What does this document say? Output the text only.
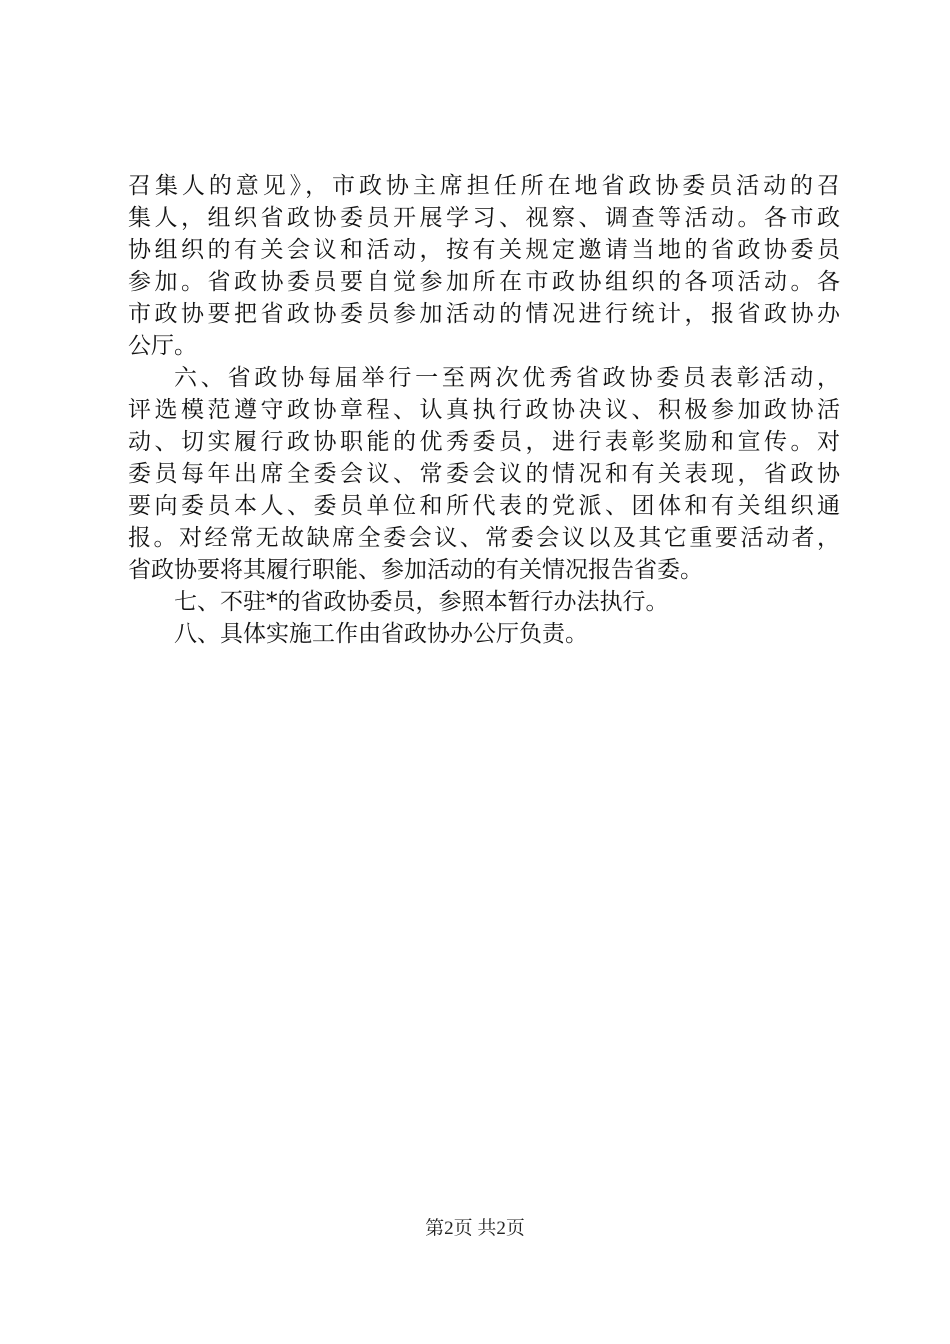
召集人的意见》，市政协主席担任所在地省政协委员活动的召
集人，组织省政协委员开展学习、视察、调查等活动。各市政
协组织的有关会议和活动，按有关规定邀请当地的省政协委员
参加。省政协委员要自觉参加所在市政协组织的各项活动。各
市政协要把省政协委员参加活动的情况进行统计，报省政协办
公厅。
六、省政协每届举行一至两次优秀省政协委员表彰活动，
评选模范遵守政协章程、认真执行政协决议、积极参加政协活
动、切实履行政协职能的优秀委员，进行表彰奖励和宣传。对
委员每年出席全委会议、常委会议的情况和有关表现，省政协
要向委员本人、委员单位和所代表的党派、团体和有关组织通
报。对经常无故缺席全委会议、常委会议以及其它重要活动者，
省政协要将其履行职能、参加活动的有关情况报告省委。
七、不驻*的省政协委员，参照本暂行办法执行。
八、具体实施工作由省政协办公厅负责。
第2页 共2页
